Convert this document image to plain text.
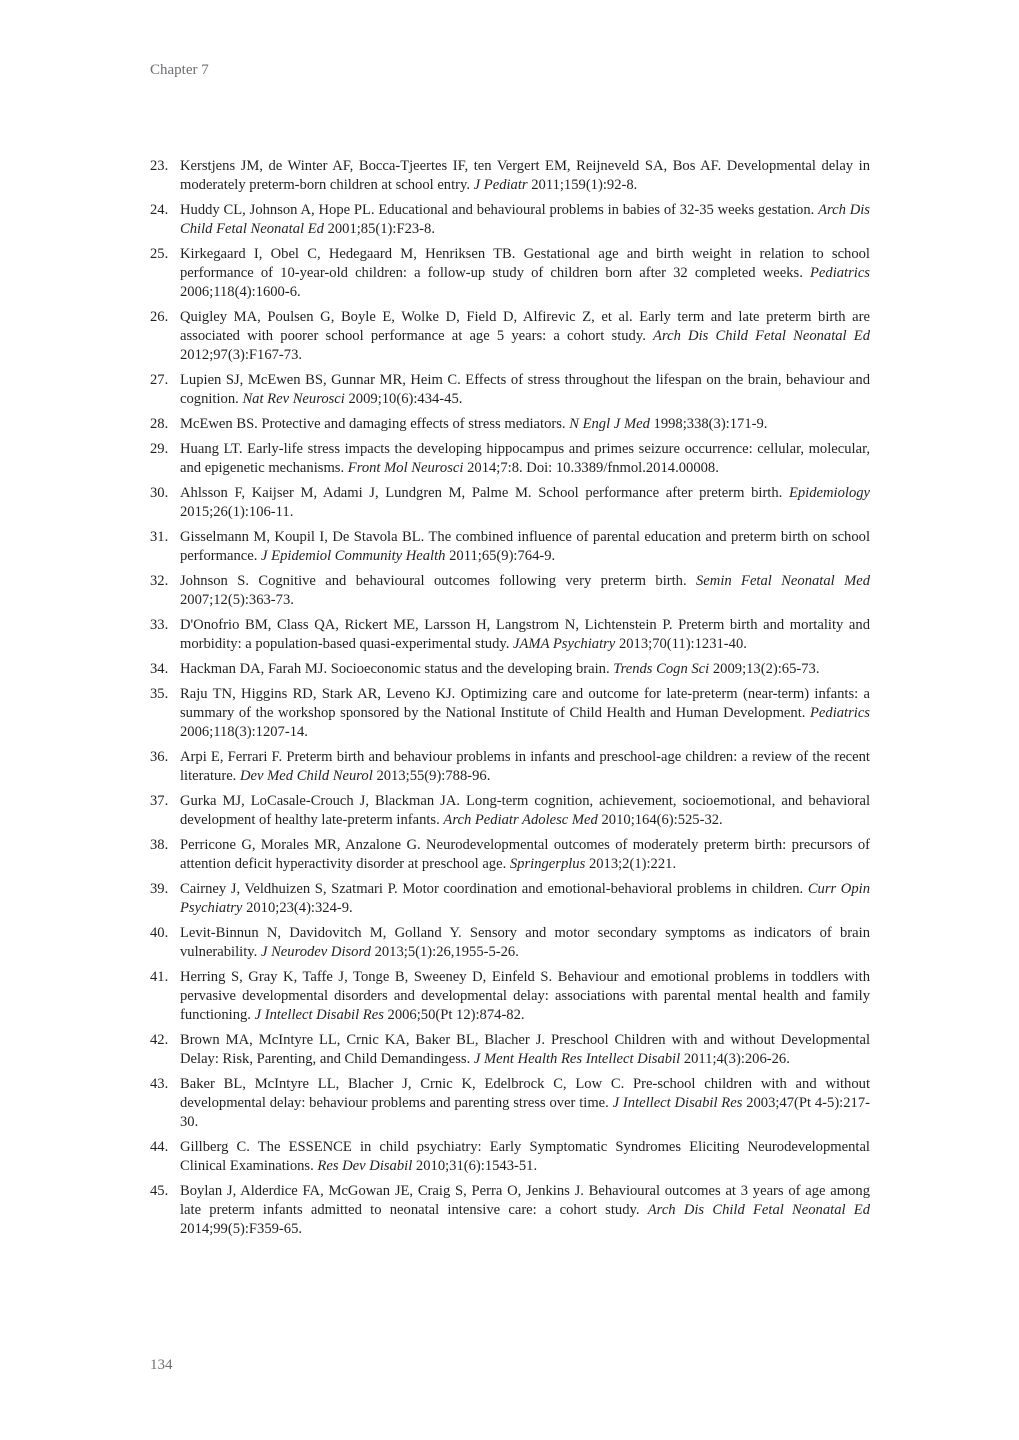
Chapter 7
23. Kerstjens JM, de Winter AF, Bocca-Tjeertes IF, ten Vergert EM, Reijneveld SA, Bos AF. Developmental delay in moderately preterm-born children at school entry. J Pediatr 2011;159(1):92-8.
24. Huddy CL, Johnson A, Hope PL. Educational and behavioural problems in babies of 32-35 weeks gestation. Arch Dis Child Fetal Neonatal Ed 2001;85(1):F23-8.
25. Kirkegaard I, Obel C, Hedegaard M, Henriksen TB. Gestational age and birth weight in relation to school performance of 10-year-old children: a follow-up study of children born after 32 completed weeks. Pediatrics 2006;118(4):1600-6.
26. Quigley MA, Poulsen G, Boyle E, Wolke D, Field D, Alfirevic Z, et al. Early term and late preterm birth are associated with poorer school performance at age 5 years: a cohort study. Arch Dis Child Fetal Neonatal Ed 2012;97(3):F167-73.
27. Lupien SJ, McEwen BS, Gunnar MR, Heim C. Effects of stress throughout the lifespan on the brain, behaviour and cognition. Nat Rev Neurosci 2009;10(6):434-45.
28. McEwen BS. Protective and damaging effects of stress mediators. N Engl J Med 1998;338(3):171-9.
29. Huang LT. Early-life stress impacts the developing hippocampus and primes seizure occurrence: cellular, molecular, and epigenetic mechanisms. Front Mol Neurosci 2014;7:8. Doi: 10.3389/fnmol.2014.00008.
30. Ahlsson F, Kaijser M, Adami J, Lundgren M, Palme M. School performance after preterm birth. Epidemiology 2015;26(1):106-11.
31. Gisselmann M, Koupil I, De Stavola BL. The combined influence of parental education and preterm birth on school performance. J Epidemiol Community Health 2011;65(9):764-9.
32. Johnson S. Cognitive and behavioural outcomes following very preterm birth. Semin Fetal Neonatal Med 2007;12(5):363-73.
33. D'Onofrio BM, Class QA, Rickert ME, Larsson H, Langstrom N, Lichtenstein P. Preterm birth and mortality and morbidity: a population-based quasi-experimental study. JAMA Psychiatry 2013;70(11):1231-40.
34. Hackman DA, Farah MJ. Socioeconomic status and the developing brain. Trends Cogn Sci 2009;13(2):65-73.
35. Raju TN, Higgins RD, Stark AR, Leveno KJ. Optimizing care and outcome for late-preterm (near-term) infants: a summary of the workshop sponsored by the National Institute of Child Health and Human Development. Pediatrics 2006;118(3):1207-14.
36. Arpi E, Ferrari F. Preterm birth and behaviour problems in infants and preschool-age children: a review of the recent literature. Dev Med Child Neurol 2013;55(9):788-96.
37. Gurka MJ, LoCasale-Crouch J, Blackman JA. Long-term cognition, achievement, socioemotional, and behavioral development of healthy late-preterm infants. Arch Pediatr Adolesc Med 2010;164(6):525-32.
38. Perricone G, Morales MR, Anzalone G. Neurodevelopmental outcomes of moderately preterm birth: precursors of attention deficit hyperactivity disorder at preschool age. Springerplus 2013;2(1):221.
39. Cairney J, Veldhuizen S, Szatmari P. Motor coordination and emotional-behavioral problems in children. Curr Opin Psychiatry 2010;23(4):324-9.
40. Levit-Binnun N, Davidovitch M, Golland Y. Sensory and motor secondary symptoms as indicators of brain vulnerability. J Neurodev Disord 2013;5(1):26,1955-5-26.
41. Herring S, Gray K, Taffe J, Tonge B, Sweeney D, Einfeld S. Behaviour and emotional problems in toddlers with pervasive developmental disorders and developmental delay: associations with parental mental health and family functioning. J Intellect Disabil Res 2006;50(Pt 12):874-82.
42. Brown MA, McIntyre LL, Crnic KA, Baker BL, Blacher J. Preschool Children with and without Developmental Delay: Risk, Parenting, and Child Demandingess. J Ment Health Res Intellect Disabil 2011;4(3):206-26.
43. Baker BL, McIntyre LL, Blacher J, Crnic K, Edelbrock C, Low C. Pre-school children with and without developmental delay: behaviour problems and parenting stress over time. J Intellect Disabil Res 2003;47(Pt 4-5):217-30.
44. Gillberg C. The ESSENCE in child psychiatry: Early Symptomatic Syndromes Eliciting Neurodevelopmental Clinical Examinations. Res Dev Disabil 2010;31(6):1543-51.
45. Boylan J, Alderdice FA, McGowan JE, Craig S, Perra O, Jenkins J. Behavioural outcomes at 3 years of age among late preterm infants admitted to neonatal intensive care: a cohort study. Arch Dis Child Fetal Neonatal Ed 2014;99(5):F359-65.
134
